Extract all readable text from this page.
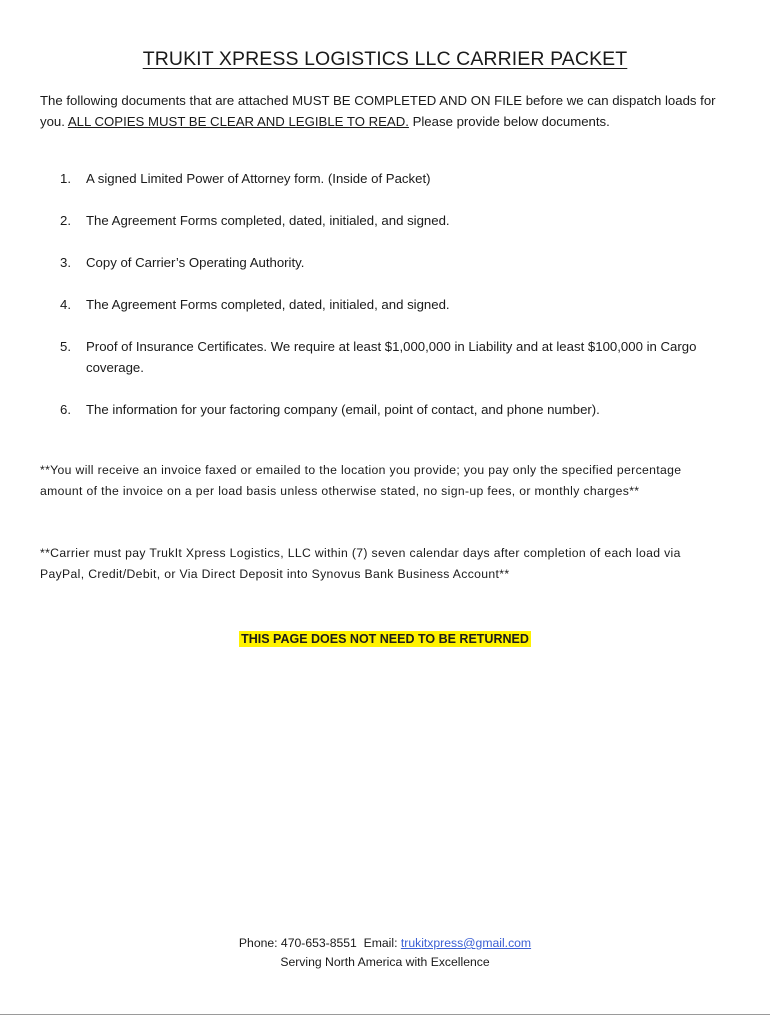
TRUKIT XPRESS LOGISTICS LLC CARRIER PACKET
The following documents that are attached MUST BE COMPLETED AND ON FILE before we can dispatch loads for you. ALL COPIES MUST BE CLEAR AND LEGIBLE TO READ. Please provide below documents.
1. A signed Limited Power of Attorney form. (Inside of Packet)
2. The Agreement Forms completed, dated, initialed, and signed.
3. Copy of Carrier’s Operating Authority.
4. The Agreement Forms completed, dated, initialed, and signed.
5. Proof of Insurance Certificates. We require at least $1,000,000 in Liability and at least $100,000 in Cargo coverage.
6. The information for your factoring company (email, point of contact, and phone number).
**You will receive an invoice faxed or emailed to the location you provide; you pay only the specified percentage amount of the invoice on a per load basis unless otherwise stated, no sign-up fees, or monthly charges**
**Carrier must pay TrukIt Xpress Logistics, LLC within (7) seven calendar days after completion of each load via PayPal, Credit/Debit, or Via Direct Deposit into Synovus Bank Business Account**
THIS PAGE DOES NOT NEED TO BE RETURNED
Phone: 470-653-8551 Email: trukitxpress@gmail.com
Serving North America with Excellence
